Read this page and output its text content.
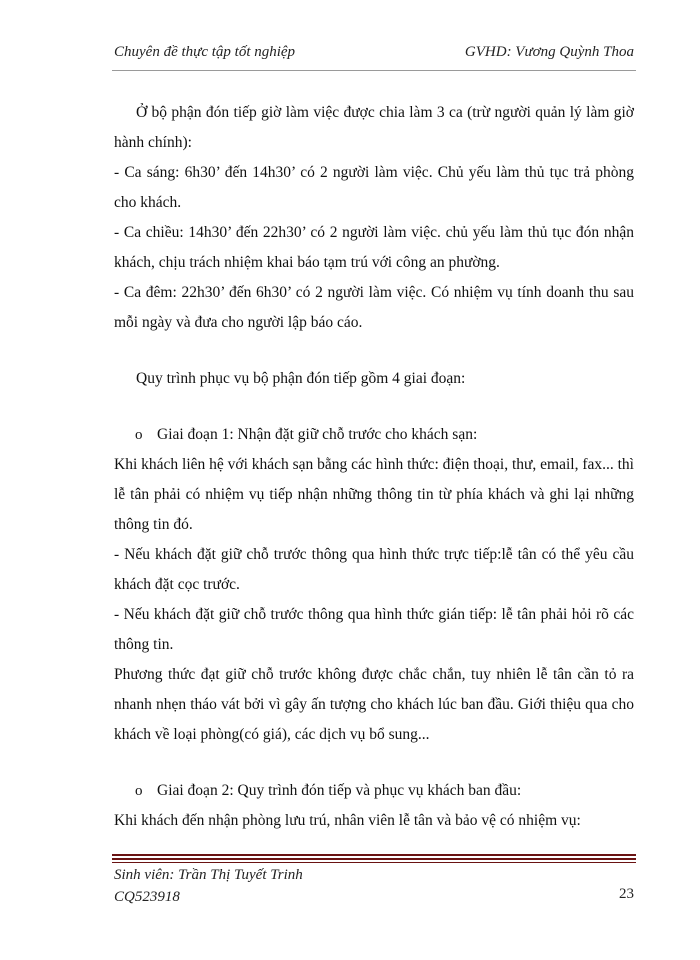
Chuyên đề thực tập tốt nghiệp	GVHD: Vương Quỳnh Thoa

Ở bộ phận đón tiếp giờ làm việc được chia làm 3 ca (trừ người quản lý làm giờ hành chính):

- Ca sáng: 6h30’ đến 14h30’ có 2 người làm việc. Chủ yếu làm thủ tục trả phòng cho khách.

- Ca chiều: 14h30’ đến 22h30’ có 2 người làm việc. chủ yếu làm thủ tục đón nhận khách, chịu trách nhiệm khai báo tạm trú với công an phường.

- Ca đêm: 22h30’ đến 6h30’ có 2 người làm việc. Có nhiệm vụ tính doanh thu sau mỗi ngày và đưa cho người lập báo cáo.

Quy trình phục vụ bộ phận đón tiếp gồm 4 giai đoạn:

o Giai đoạn 1: Nhận đặt giữ chỗ trước cho khách sạn:

Khi khách liên hệ với khách sạn bằng các hình thức: điện thoại, thư, email, fax... thì lễ tân phải có nhiệm vụ tiếp nhận những thông tin từ phía khách và ghi lại những thông tin đó.

- Nếu khách đặt giữ chỗ trước thông qua hình thức trực tiếp:lễ tân có thể yêu cầu khách đặt cọc trước.

- Nếu khách đặt giữ chỗ trước thông qua hình thức gián tiếp: lễ tân phải hỏi rõ các thông tin.

Phương thức đạt giữ chỗ trước không được chắc chắn, tuy nhiên lễ tân cần tỏ ra nhanh nhẹn tháo vát bởi vì gây ấn tượng cho khách lúc ban đầu. Giới thiệu qua cho khách về loại phòng(có giá), các dịch vụ bổ sung...

o Giai đoạn 2: Quy trình đón tiếp và phục vụ khách ban đầu:

Khi khách đến nhận phòng lưu trú, nhân viên lễ tân và bảo vệ có nhiệm vụ:

Sinh viên: Trần Thị Tuyết Trinh
CQ523918	23
